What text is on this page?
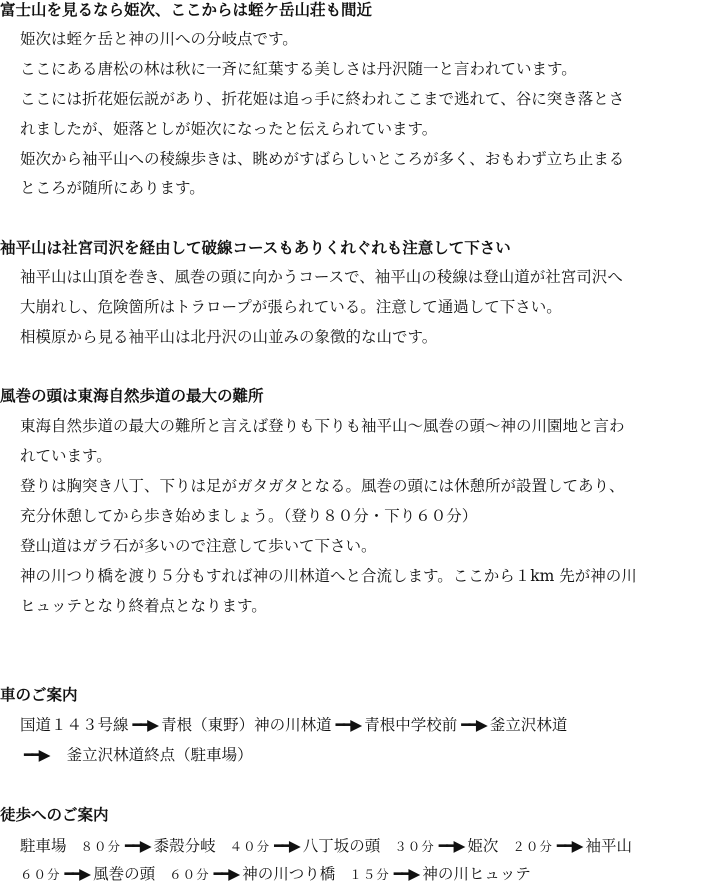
富士山を見るなら姫次、ここからは蛭ケ岳山荘も間近
姫次は蛭ケ岳と神の川への分岐点です。
ここにある唐松の林は秋に一斉に紅葉する美しさは丹沢随一と言われています。
ここには折花姫伝説があり、折花姫は追っ手に終われここまで逃れて、谷に突き落とさ
れましたが、姫落としが姫次になったと伝えられています。
姫次から袖平山への稜線歩きは、眺めがすばらしいところが多く、おもわず立ち止まる
ところが随所にあります。
袖平山は社宮司沢を経由して破線コースもありくれぐれも注意して下さい
袖平山は山頂を巻き、風巻の頭に向かうコースで、袖平山の稜線は登山道が社宮司沢へ
大崩れし、危険箇所はトラロープが張られている。注意して通過して下さい。
相模原から見る袖平山は北丹沢の山並みの象徴的な山です。
風巻の頭は東海自然歩道の最大の難所
東海自然歩道の最大の難所と言えば登りも下りも袖平山〜風巻の頭〜神の川園地と言わ
れています。
登りは胸突き八丁、下りは足がガタガタとなる。風巻の頭には休憩所が設置してあり、
充分休憩してから歩き始めましょう。（登り８０分・下り６０分）
登山道はガラ石が多いので注意して歩いて下さい。
神の川つり橋を渡り５分もすれば神の川林道へと合流します。ここから１km 先が神の川
ヒュッテとなり終着点となります。
車のご案内
国道１４３号線 ━━▶ 青根（東野）神の川林道 ━━▶ 青根中学校前 ━━▶ 釜立沢林道
━━▶ 釜立沢林道終点（駐車場）
徒歩へのご案内
駐車場 ８０分 ━━▶ 黍殻分岐 ４０分 ━━▶ 八丁坂の頭 ３０分 ━━▶ 姫次 ２０分 ━━▶ 袖平山
６０分 ━━▶ 風巻の頭 ６０分 ━━▶ 神の川つり橋 １５分 ━━▶ 神の川ヒュッテ
